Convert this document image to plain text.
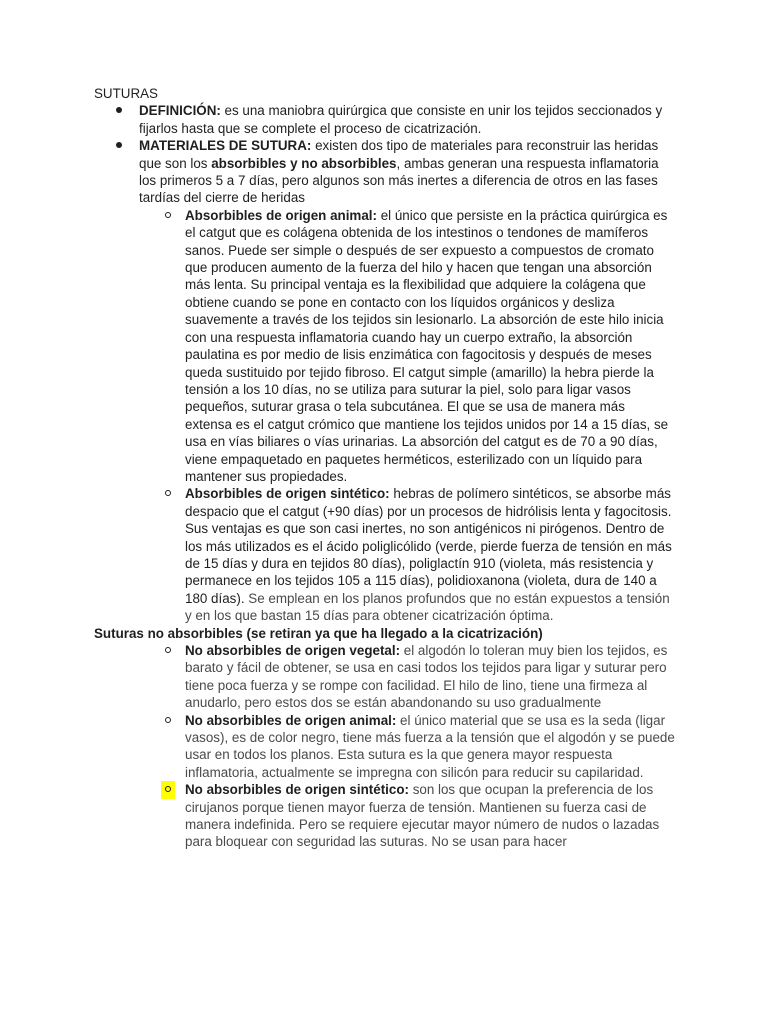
SUTURAS
DEFINICIÓN: es una maniobra quirúrgica que consiste en unir los tejidos seccionados y fijarlos hasta que se complete el proceso de cicatrización.
MATERIALES DE SUTURA: existen dos tipo de materiales para reconstruir las heridas que son los absorbibles y no absorbibles, ambas generan una respuesta inflamatoria los primeros 5 a 7 días, pero algunos son más inertes a diferencia de otros en las fases tardías del cierre de heridas
Absorbibles de origen animal: el único que persiste en la práctica quirúrgica es el catgut que es colágena obtenida de los intestinos o tendones de mamíferos sanos. Puede ser simple o después de ser expuesto a compuestos de cromato que producen aumento de la fuerza del hilo y hacen que tengan una absorción más lenta. Su principal ventaja es la flexibilidad que adquiere la colágena que obtiene cuando se pone en contacto con los líquidos orgánicos y desliza suavemente a través de los tejidos sin lesionarlo. La absorción de este hilo inicia con una respuesta inflamatoria cuando hay un cuerpo extraño, la absorción paulatina es por medio de lisis enzimática con fagocitosis y después de meses queda sustituido por tejido fibroso. El catgut simple (amarillo) la hebra pierde la tensión a los 10 días, no se utiliza para suturar la piel, solo para ligar vasos pequeños, suturar grasa o tela subcutánea. El que se usa de manera más extensa es el catgut crómico que mantiene los tejidos unidos por 14 a 15 días, se usa en vías biliares o vías urinarias. La absorción del catgut es de 70 a 90 días, viene empaquetado en paquetes herméticos, esterilizado con un líquido para mantener sus propiedades.
Absorbibles de origen sintético: hebras de polímero sintéticos, se absorbe más despacio que el catgut (+90 días) por un procesos de hidrólisis lenta y fagocitosis. Sus ventajas es que son casi inertes, no son antigénicos ni pirógenos. Dentro de los más utilizados es el ácido poliglicólido (verde, pierde fuerza de tensión en más de 15 días y dura en tejidos 80 días), poliglactín 910 (violeta, más resistencia y permanece en los tejidos 105 a 115 días), polidioxanona (violeta, dura de 140 a 180 días). Se emplean en los planos profundos que no están expuestos a tensión y en los que bastan 15 días para obtener cicatrización óptima.
Suturas no absorbibles (se retiran ya que ha llegado a la cicatrización)
No absorbibles de origen vegetal: el algodón lo toleran muy bien los tejidos, es barato y fácil de obtener, se usa en casi todos los tejidos para ligar y suturar pero tiene poca fuerza y se rompe con facilidad. El hilo de lino, tiene una firmeza al anudarlo, pero estos dos se están abandonando su uso gradualmente
No absorbibles de origen animal: el único material que se usa es la seda (ligar vasos), es de color negro, tiene más fuerza a la tensión que el algodón y se puede usar en todos los planos. Esta sutura es la que genera mayor respuesta inflamatoria, actualmente se impregna con silicón para reducir su capilaridad.
No absorbibles de origen sintético: son los que ocupan la preferencia de los cirujanos porque tienen mayor fuerza de tensión. Mantienen su fuerza casi de manera indefinida. Pero se requiere ejecutar mayor número de nudos o lazadas para bloquear con seguridad las suturas. No se usan para hacer
